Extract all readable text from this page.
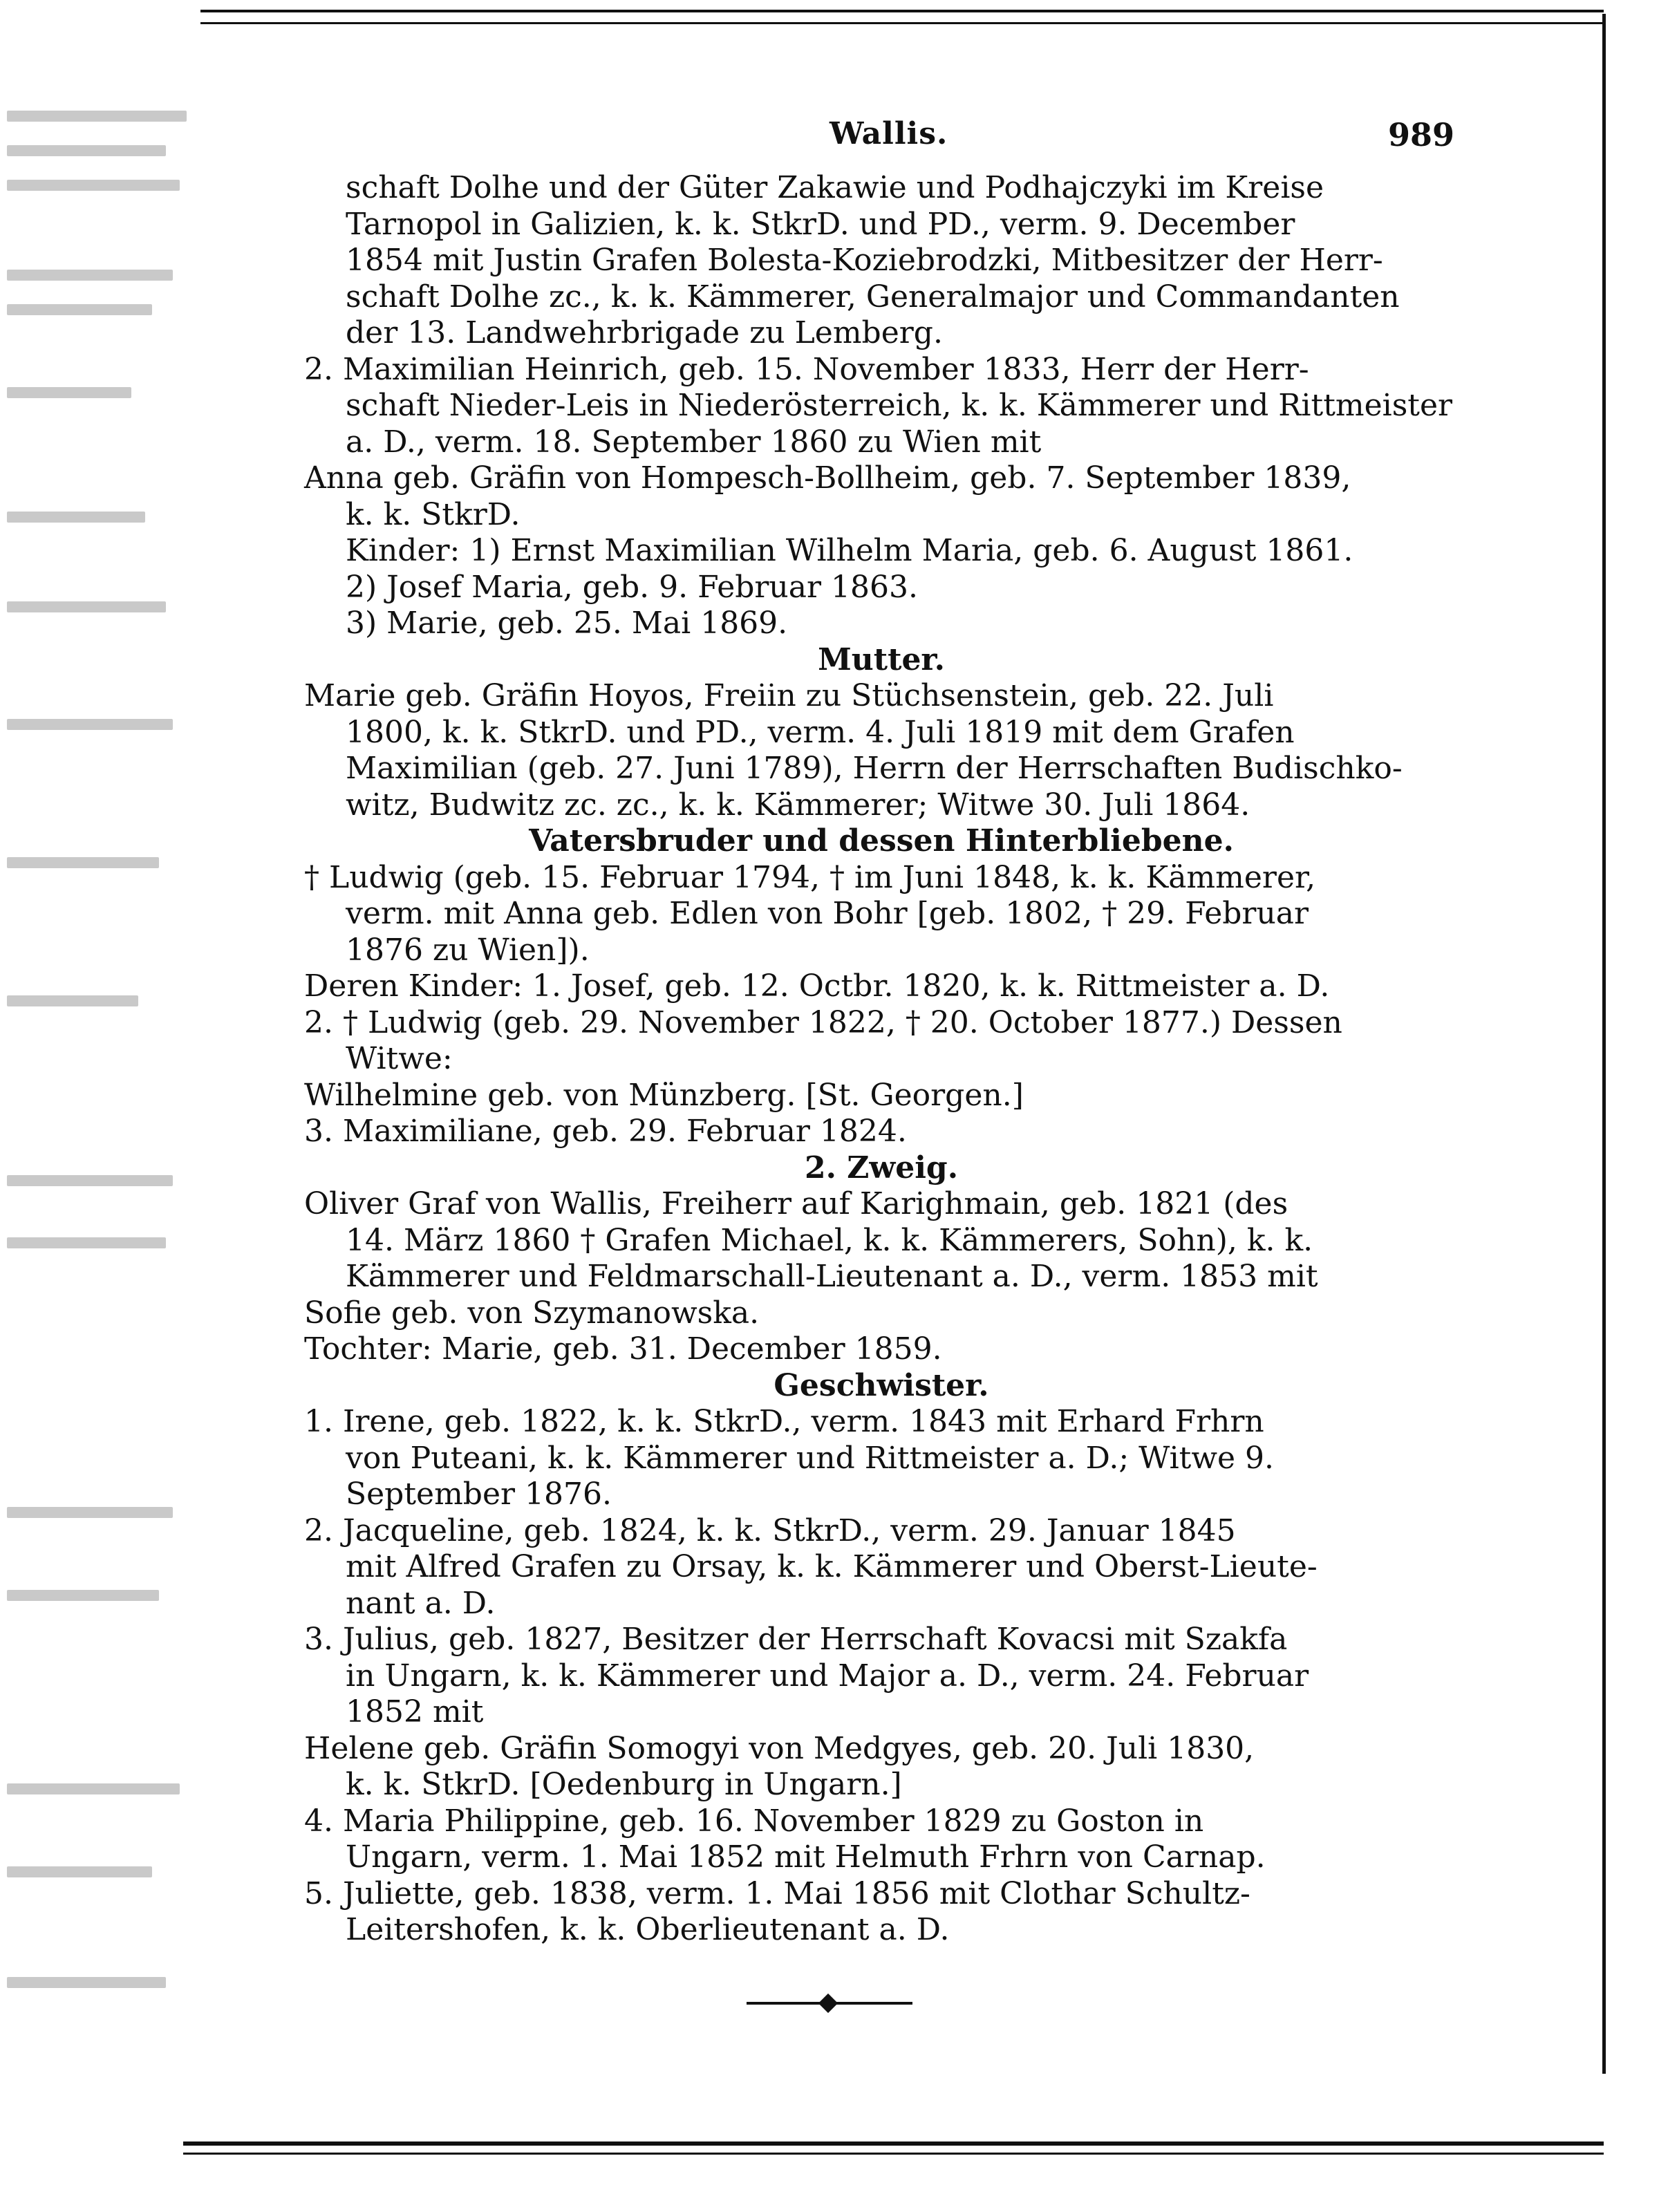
Wallis.	989
schaft Dolhe und der Güter Zakawie und Podhajczyki im Kreise
Tarnopol in Galizien, k. k. StkrD. und PD., verm. 9. December
1854 mit Justin Grafen Bolesta-Koziebrodzki, Mitbesitzer der Herr-
schaft Dolhe zc., k. k. Kämmerer, Generalmajor und Commandanten
der 13. Landwehrbrigade zu Lemberg.
2. Maximilian Heinrich, geb. 15. November 1833, Herr der Herr-
schaft Nieder-Leis in Niederösterreich, k. k. Kämmerer und Rittmeister
a. D., verm. 18. September 1860 zu Wien mit
Anna geb. Gräfin von Hompesch-Bollheim, geb. 7. September 1839,
k. k. StkrD.
Kinder: 1) Ernst Maximilian Wilhelm Maria, geb. 6. August 1861.
2) Josef Maria, geb. 9. Februar 1863.
3) Marie, geb. 25. Mai 1869.
Mutter.
Marie geb. Gräfin Hoyos, Freiin zu Stüchsenstein, geb. 22. Juli
1800, k. k. StkrD. und PD., verm. 4. Juli 1819 mit dem Grafen
Maximilian (geb. 27. Juni 1789), Herrn der Herrschaften Budischko-
witz, Budwitz zc. zc., k. k. Kämmerer; Witwe 30. Juli 1864.
Vatersbruder und dessen Hinterbliebene.
† Ludwig (geb. 15. Februar 1794, † im Juni 1848, k. k. Kämmerer,
verm. mit Anna geb. Edlen von Bohr [geb. 1802, † 29. Februar
1876 zu Wien]).
Deren Kinder: 1. Josef, geb. 12. Octbr. 1820, k. k. Rittmeister a. D.
2. † Ludwig (geb. 29. November 1822, † 20. October 1877.) Dessen
Witwe:
Wilhelmine geb. von Münzberg. [St. Georgen.]
3. Maximiliane, geb. 29. Februar 1824.
2. Zweig.
Oliver Graf von Wallis, Freiherr auf Karighmain, geb. 1821 (des
14. März 1860 † Grafen Michael, k. k. Kämmerers, Sohn), k. k.
Kämmerer und Feldmarschall-Lieutenant a. D., verm. 1853 mit
Sofie geb. von Szymanowska.
Tochter: Marie, geb. 31. December 1859.
Geschwister.
1. Irene, geb. 1822, k. k. StkrD., verm. 1843 mit Erhard Frhrn
von Puteani, k. k. Kämmerer und Rittmeister a. D.; Witwe 9.
September 1876.
2. Jacqueline, geb. 1824, k. k. StkrD., verm. 29. Januar 1845
mit Alfred Grafen zu Orsay, k. k. Kämmerer und Oberst-Lieute-
nant a. D.
3. Julius, geb. 1827, Besitzer der Herrschaft Kovacsi mit Szakfa
in Ungarn, k. k. Kämmerer und Major a. D., verm. 24. Februar
1852 mit
Helene geb. Gräfin Somogyi von Medgyes, geb. 20. Juli 1830,
k. k. StkrD. [Oedenburg in Ungarn.]
4. Maria Philippine, geb. 16. November 1829 zu Goston in
Ungarn, verm. 1. Mai 1852 mit Helmuth Frhrn von Carnap.
5. Juliette, geb. 1838, verm. 1. Mai 1856 mit Clothar Schultz-
Leitershofen, k. k. Oberlieutenant a. D.
